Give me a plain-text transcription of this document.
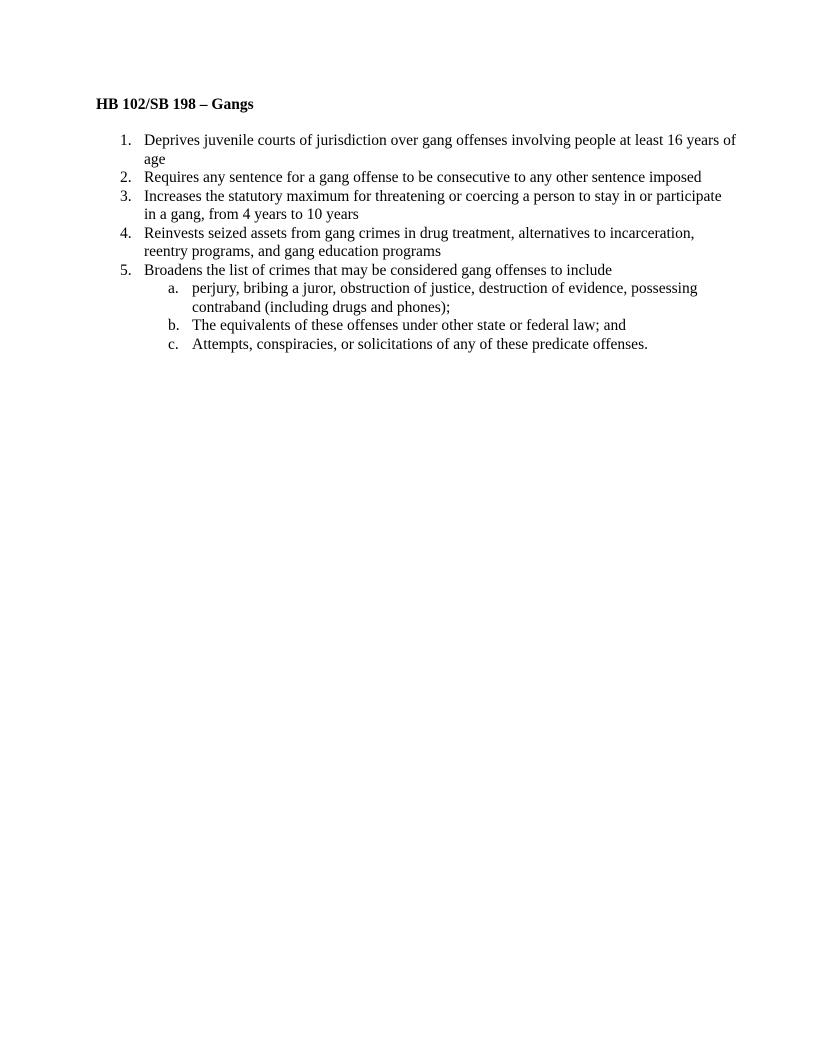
HB 102/SB 198 – Gangs
1. Deprives juvenile courts of jurisdiction over gang offenses involving people at least 16 years of age
2. Requires any sentence for a gang offense to be consecutive to any other sentence imposed
3. Increases the statutory maximum for threatening or coercing a person to stay in or participate in a gang, from 4 years to 10 years
4. Reinvests seized assets from gang crimes in drug treatment, alternatives to incarceration, reentry programs, and gang education programs
5. Broadens the list of crimes that may be considered gang offenses to include
a. perjury, bribing a juror, obstruction of justice, destruction of evidence, possessing contraband (including drugs and phones);
b. The equivalents of these offenses under other state or federal law; and
c. Attempts, conspiracies, or solicitations of any of these predicate offenses.
